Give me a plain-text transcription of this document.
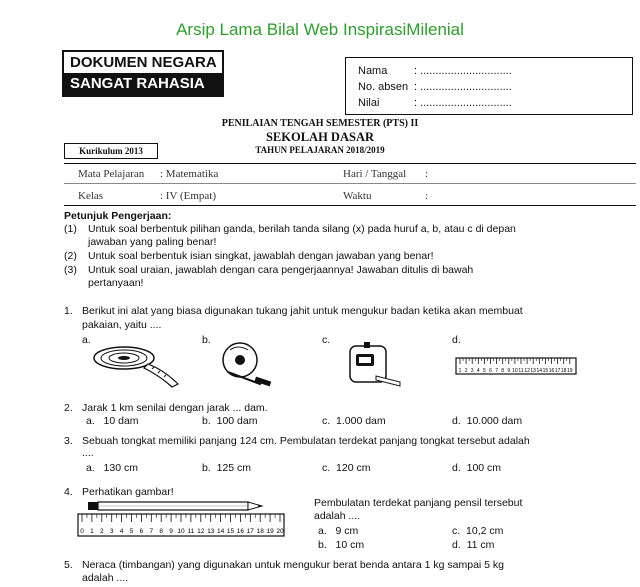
Arsip Lama Bilal Web InspirasiMilenial
DOKUMEN NEGARA
SANGAT RAHASIA
Nama : ..............................
No. absen : ..............................
Nilai	: ..............................
PENILAIAN TENGAH SEMESTER (PTS) II
SEKOLAH DASAR
TAHUN PELAJARAN 2018/2019
Kurikulum 2013
Mata Pelajaran : Matematika	Hari / Tanggal :
Kelas	: IV (Empat)	Waktu	:
Petunjuk Pengerjaan:
(1) Untuk soal berbentuk pilihan ganda, berilah tanda silang (x) pada huruf a, b, atau c di depan
jawaban yang paling benar!
(2) Untuk soal berbentuk isian singkat, jawablah dengan jawaban yang benar!
(3) Untuk soal uraian, jawablah dengan cara pengerjaannya! Jawaban ditulis di bawah
pertanyaan!
1. Berikut ini alat yang biasa digunakan tukang jahit untuk mengukur badan ketika akan membuat
pakaian, yaitu ....
a.	b.	c.	d.
1 2 3 4 5 6 7 8 9 10 11 12 13 14 15 16 17 18 19
2. Jarak 1 km senilai dengan jarak ... dam.
a. 10 dam	b. 100 dam	c. 1.000 dam	d. 10.000 dam
3. Sebuah tongkat memiliki panjang 124 cm. Pembulatan terdekat panjang tongkat tersebut adalah
....
a. 130 cm	b. 125 cm	c. 120 cm	d. 100 cm
4. Perhatikan gambar!
0 1 2 3 4 5 6 7 8 9 10 11 12 13 14 15 16 17 18 19 20
Pembulatan terdekat panjang pensil tersebut
adalah ....
a. 9 cm	c. 10,2 cm
b. 10 cm	d. 11 cm
5. Neraca (timbangan) yang digunakan untuk mengukur berat benda antara 1 kg sampai 5 kg
adalah ....
